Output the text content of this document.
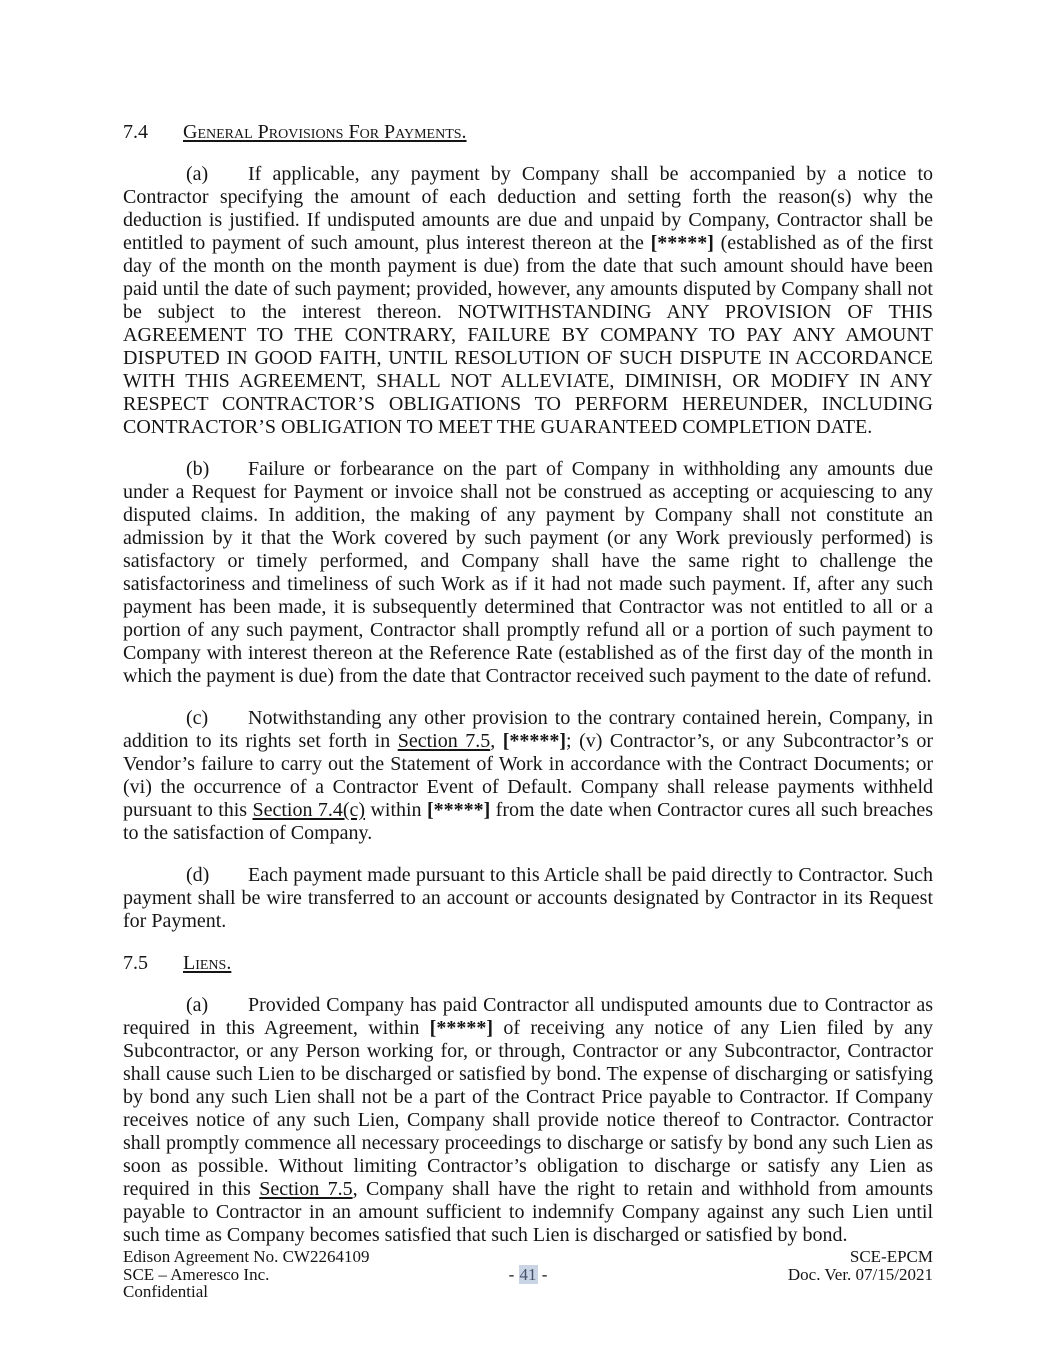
7.4 General Provisions For Payments.

(a) If applicable, any payment by Company shall be accompanied by a notice to Contractor specifying the amount of each deduction and setting forth the reason(s) why the deduction is justified. If undisputed amounts are due and unpaid by Company, Contractor shall be entitled to payment of such amount, plus interest thereon at the [*****] (established as of the first day of the month on the month payment is due) from the date that such amount should have been paid until the date of such payment; provided, however, any amounts disputed by Company shall not be subject to the interest thereon. NOTWITHSTANDING ANY PROVISION OF THIS AGREEMENT TO THE CONTRARY, FAILURE BY COMPANY TO PAY ANY AMOUNT DISPUTED IN GOOD FAITH, UNTIL RESOLUTION OF SUCH DISPUTE IN ACCORDANCE WITH THIS AGREEMENT, SHALL NOT ALLEVIATE, DIMINISH, OR MODIFY IN ANY RESPECT CONTRACTOR’S OBLIGATIONS TO PERFORM HEREUNDER, INCLUDING CONTRACTOR’S OBLIGATION TO MEET THE GUARANTEED COMPLETION DATE.

(b) Failure or forbearance on the part of Company in withholding any amounts due under a Request for Payment or invoice shall not be construed as accepting or acquiescing to any disputed claims. In addition, the making of any payment by Company shall not constitute an admission by it that the Work covered by such payment (or any Work previously performed) is satisfactory or timely performed, and Company shall have the same right to challenge the satisfactoriness and timeliness of such Work as if it had not made such payment. If, after any such payment has been made, it is subsequently determined that Contractor was not entitled to all or a portion of any such payment, Contractor shall promptly refund all or a portion of such payment to Company with interest thereon at the Reference Rate (established as of the first day of the month in which the payment is due) from the date that Contractor received such payment to the date of refund.

(c) Notwithstanding any other provision to the contrary contained herein, Company, in addition to its rights set forth in Section 7.5, [*****]; (v) Contractor’s, or any Subcontractor’s or Vendor’s failure to carry out the Statement of Work in accordance with the Contract Documents; or (vi) the occurrence of a Contractor Event of Default. Company shall release payments withheld pursuant to this Section 7.4(c) within [*****] from the date when Contractor cures all such breaches to the satisfaction of Company.

(d) Each payment made pursuant to this Article shall be paid directly to Contractor. Such payment shall be wire transferred to an account or accounts designated by Contractor in its Request for Payment.

7.5 Liens.

(a) Provided Company has paid Contractor all undisputed amounts due to Contractor as required in this Agreement, within [*****] of receiving any notice of any Lien filed by any Subcontractor, or any Person working for, or through, Contractor or any Subcontractor, Contractor shall cause such Lien to be discharged or satisfied by bond. The expense of discharging or satisfying by bond any such Lien shall not be a part of the Contract Price payable to Contractor. If Company receives notice of any such Lien, Company shall provide notice thereof to Contractor. Contractor shall promptly commence all necessary proceedings to discharge or satisfy by bond any such Lien as soon as possible. Without limiting Contractor’s obligation to discharge or satisfy any Lien as required in this Section 7.5, Company shall have the right to retain and withhold from amounts payable to Contractor in an amount sufficient to indemnify Company against any such Lien until such time as Company becomes satisfied that such Lien is discharged or satisfied by bond.

Edison Agreement No. CW2264109
SCE – Ameresco Inc.
Confidential
- 41 -
SCE-EPCM
Doc. Ver. 07/15/2021
